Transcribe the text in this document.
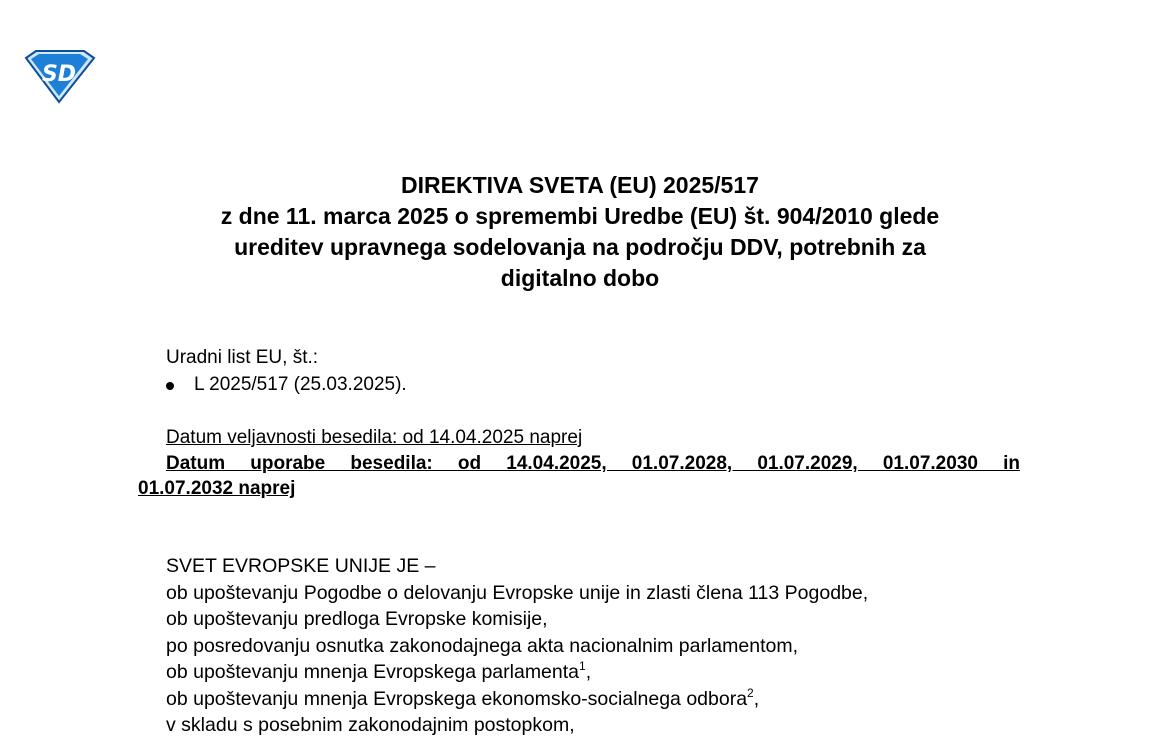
SD
DIREKTIVA SVETA (EU) 2025/517
z dne 11. marca 2025 o spremembi Uredbe (EU) št. 904/2010 glede
ureditev upravnega sodelovanja na področju DDV, potrebnih za
digitalno dobo
Uradni list EU, št.:
L 2025/517 (25.03.2025).
Datum veljavnosti besedila: od 14.04.2025 naprej
Datum uporabe besedila: od 14.04.2025, 01.07.2028, 01.07.2029, 01.07.2030 in
01.07.2032 naprej
SVET EVROPSKE UNIJE JE –
ob upoštevanju Pogodbe o delovanju Evropske unije in zlasti člena 113 Pogodbe,
ob upoštevanju predloga Evropske komisije,
po posredovanju osnutka zakonodajnega akta nacionalnim parlamentom,
ob upoštevanju mnenja Evropskega parlamenta$^1$,
ob upoštevanju mnenja Evropskega ekonomsko-socialnega odbora$^2$,
v skladu s posebnim zakonodajnim postopkom,
